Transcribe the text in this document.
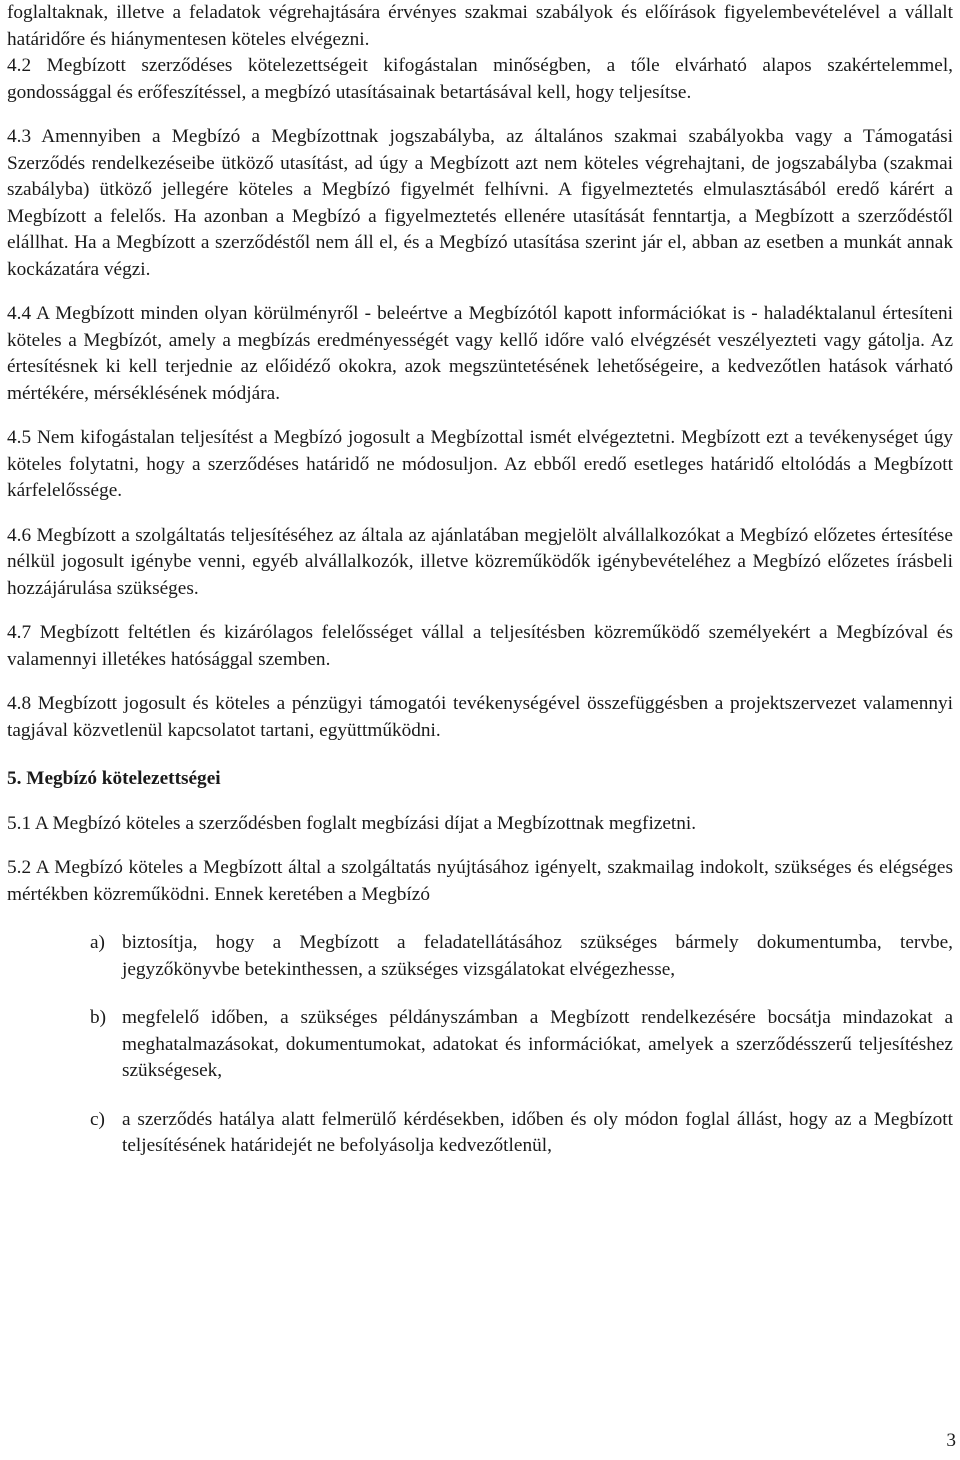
foglaltaknak, illetve a feladatok végrehajtására érvényes szakmai szabályok és előírások figyelembevételével a vállalt határidőre és hiánymentesen köteles elvégezni.

4.2 Megbízott szerződéses kötelezettségeit kifogástalan minőségben, a tőle elvárható alapos szakértelemmel, gondossággal és erőfeszítéssel, a megbízó utasításainak betartásával kell, hogy teljesítse.

4.3 Amennyiben a Megbízó a Megbízottnak jogszabályba, az általános szakmai szabályokba vagy a Támogatási Szerződés rendelkezéseibe ütköző utasítást, ad úgy a Megbízott azt nem köteles végrehajtani, de jogszabályba (szakmai szabályba) ütköző jellegére köteles a Megbízó figyelmét felhívni. A figyelmeztetés elmulasztásából eredő kárért a Megbízott a felelős. Ha azonban a Megbízó a figyelmeztetés ellenére utasítását fenntartja, a Megbízott a szerződéstől elállhat. Ha a Megbízott a szerződéstől nem áll el, és a Megbízó utasítása szerint jár el, abban az esetben a munkát annak kockázatára végzi.

4.4 A Megbízott minden olyan körülményről - beleértve a Megbízótól kapott információkat is - haladéktalanul értesíteni köteles a Megbízót, amely a megbízás eredményességét vagy kellő időre való elvégzését veszélyezteti vagy gátolja. Az értesítésnek ki kell terjednie az előidéző okokra, azok megszüntetésének lehetőségeire, a kedvezőtlen hatások várható mértékére, mérséklésének módjára.

4.5 Nem kifogástalan teljesítést a Megbízó jogosult a Megbízottal ismét elvégeztetni. Megbízott ezt a tevékenységet úgy köteles folytatni, hogy a szerződéses határidő ne módosuljon. Az ebből eredő esetleges határidő eltolódás a Megbízott kárfelelőssége.

4.6 Megbízott a szolgáltatás teljesítéséhez az általa az ajánlatában megjelölt alvállalkozókat a Megbízó előzetes értesítése nélkül jogosult igénybe venni, egyéb alvállalkozók, illetve közreműködők igénybevételéhez a Megbízó előzetes írásbeli hozzájárulása szükséges.

4.7 Megbízott feltétlen és kizárólagos felelősséget vállal a teljesítésben közreműködő személyekért a Megbízóval és valamennyi illetékes hatósággal szemben.

4.8 Megbízott jogosult és köteles a pénzügyi támogatói tevékenységével összefüggésben a projektszervezet valamennyi tagjával közvetlenül kapcsolatot tartani, együttműködni.

5. Megbízó kötelezettségei

5.1 A Megbízó köteles a szerződésben foglalt megbízási díjat a Megbízottnak megfizetni.

5.2 A Megbízó köteles a Megbízott által a szolgáltatás nyújtásához igényelt, szakmailag indokolt, szükséges és elégséges mértékben közreműködni. Ennek keretében a Megbízó

a) biztosítja, hogy a Megbízott a feladatellátásához szükséges bármely dokumentumba, tervbe, jegyzőkönyvbe betekinthessen, a szükséges vizsgálatokat elvégezhesse,
b) megfelelő időben, a szükséges példányszámban a Megbízott rendelkezésére bocsátja mindazokat a meghatalmazásokat, dokumentumokat, adatokat és információkat, amelyek a szerződésszerű teljesítéshez szükségesek,
c) a szerződés hatálya alatt felmerülő kérdésekben, időben és oly módon foglal állást, hogy az a Megbízott teljesítésének határidejét ne befolyásolja kedvezőtlenül,
3
